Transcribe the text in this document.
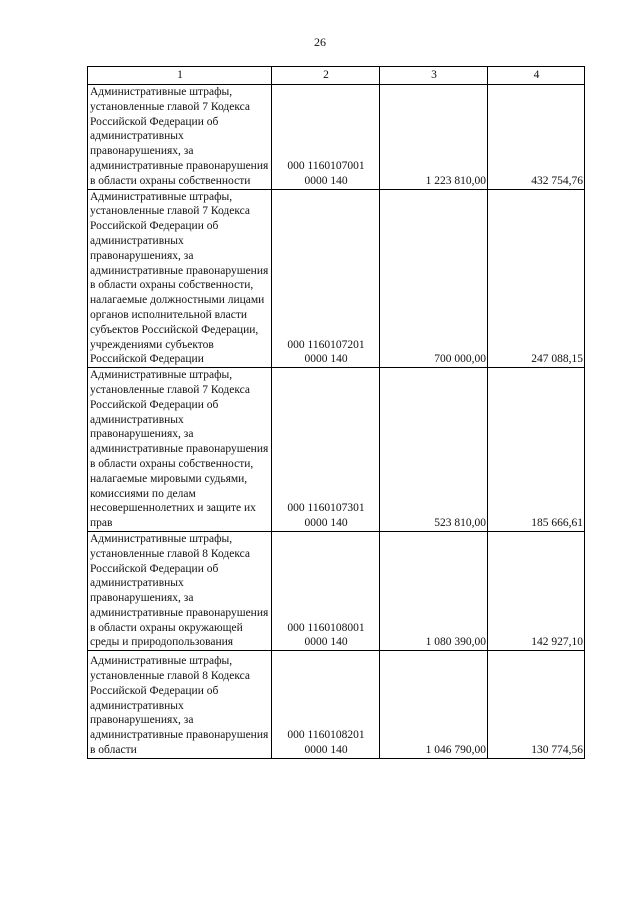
26
1	2	3	4
Административные штрафы, установленные главой 7 Кодекса Российской Федерации об административных правонарушениях, за административные правонарушения в области охраны собственности	000 1160107001
0000 140	1 223 810,00	432 754,76
Административные штрафы, установленные главой 7 Кодекса Российской Федерации об административных правонарушениях, за административные правонарушения в области охраны собственности, налагаемые должностными лицами органов исполнительной власти субъектов Российской Федерации, учреждениями субъектов Российской Федерации	000 1160107201
0000 140	700 000,00	247 088,15
Административные штрафы, установленные главой 7 Кодекса Российской Федерации об административных правонарушениях, за административные правонарушения в области охраны собственности, налагаемые мировыми судьями, комиссиями по делам несовершеннолетних и защите их прав	000 1160107301
0000 140	523 810,00	185 666,61
Административные штрафы, установленные главой 8 Кодекса Российской Федерации об административных правонарушениях, за административные правонарушения в области охраны окружающей среды и природопользования	000 1160108001
0000 140	1 080 390,00	142 927,10
Административные штрафы, установленные главой 8 Кодекса Российской Федерации об административных правонарушениях, за административные правонарушения в области	000 1160108201
0000 140	1 046 790,00	130 774,56
